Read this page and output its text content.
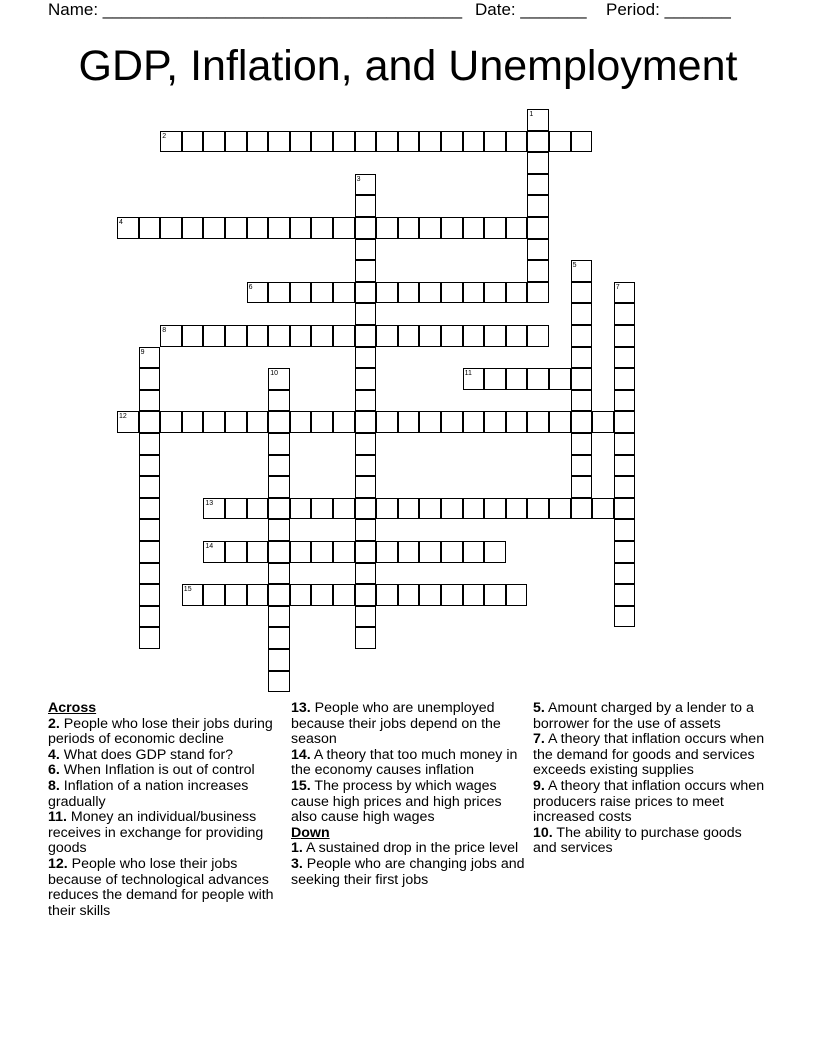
Name: ______________________________________ Date: _______ Period: _______
GDP, Inflation, and Unemployment
1
2
3
4
5
6	7
8
9
10	11
12
13
14
15

Across

2. People who lose their jobs during periods of economic decline

4. What does GDP stand for?

6. When Inflation is out of control

8. Inflation of a nation increases gradually

11. Money an individual/business receives in exchange for providing goods

12. People who lose their jobs because of technological advances reduces the demand for people with their skills

13. People who are unemployed because their jobs depend on the season

14. A theory that too much money in the economy causes inflation

15. The process by which wages cause high prices and high prices also cause high wages

Down

1. A sustained drop in the price level

3. People who are changing jobs and seeking their first jobs

5. Amount charged by a lender to a borrower for the use of assets

7. A theory that inflation occurs when the demand for goods and services exceeds existing supplies

9. A theory that inflation occurs when producers raise prices to meet increased costs

10. The ability to purchase goods and services
